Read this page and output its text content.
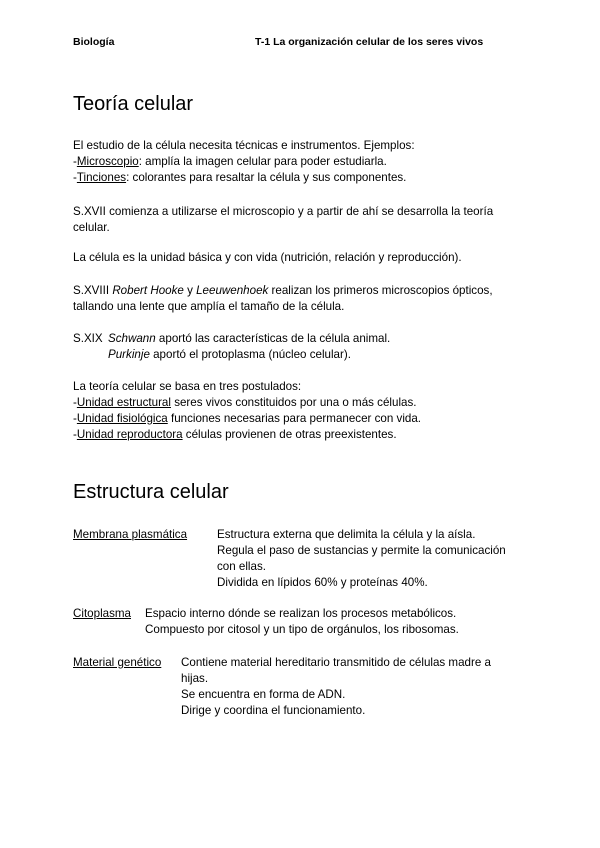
Biología	T-1 La organización celular de los seres vivos
Teoría celular
El estudio de la célula necesita técnicas e instrumentos. Ejemplos:
-Microscopio: amplía la imagen celular para poder estudiarla.
-Tinciones: colorantes para resaltar la célula y sus componentes.
S.XVII comienza a utilizarse el microscopio y a partir de ahí se desarrolla la teoría
celular.
La célula es la unidad básica y con vida (nutrición, relación y reproducción).
S.XVIII Robert Hooke y Leeuwenhoek realizan los primeros microscopios ópticos,
tallando una lente que amplía el tamaño de la célula.
S.XIX Schwann aportó las características de la célula animal.
Purkinje aportó el protoplasma (núcleo celular).
La teoría celular se basa en tres postulados:
-Unidad estructural seres vivos constituidos por una o más células.
-Unidad fisiológica funciones necesarias para permanecer con vida.
-Unidad reproductora células provienen de otras preexistentes.
Estructura celular
Membrana plasmática	Estructura externa que delimita la célula y la aísla.
Regula el paso de sustancias y permite la comunicación
con ellas.
Dividida en lípidos 60% y proteínas 40%.
Citoplasma Espacio interno dónde se realizan los procesos metabólicos.
Compuesto por citosol y un tipo de orgánulos, los ribosomas.
Material genético Contiene material hereditario transmitido de células madre a
hijas.
Se encuentra en forma de ADN.
Dirige y coordina el funcionamiento.
